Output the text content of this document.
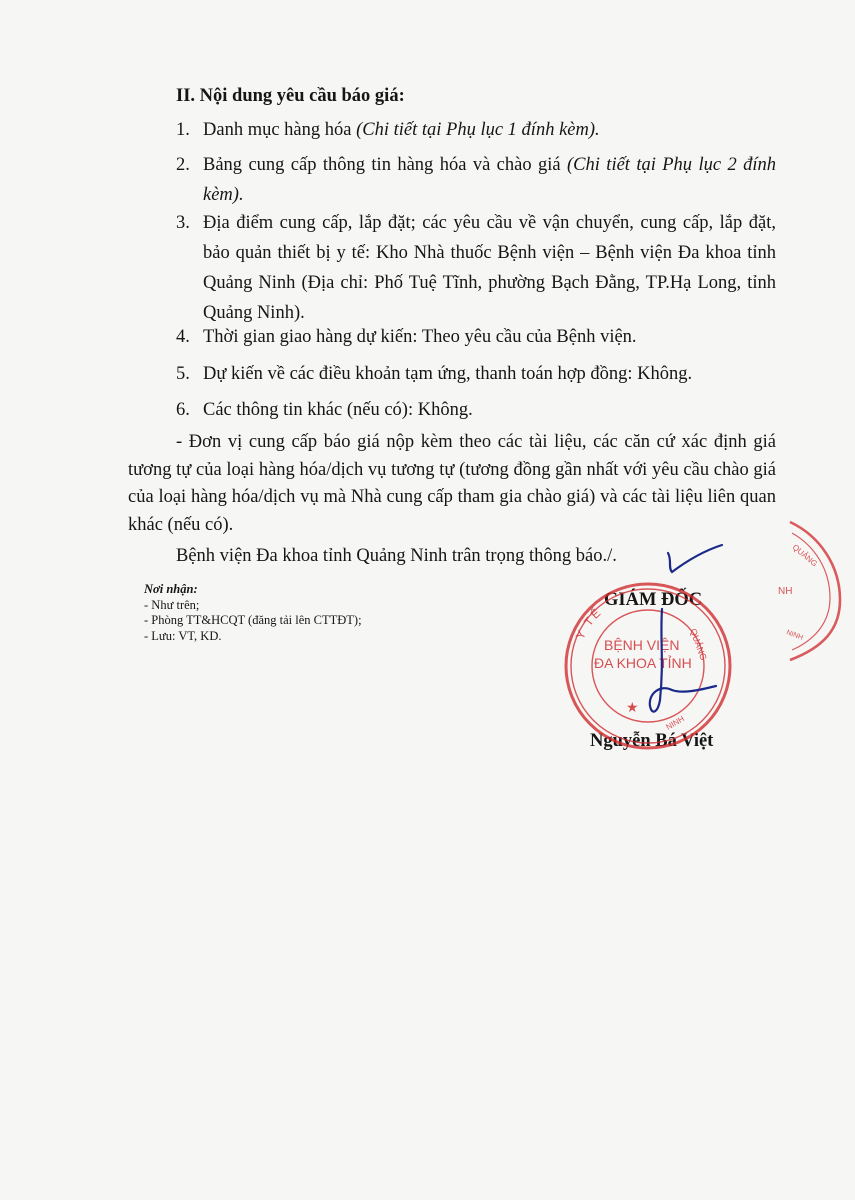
II. Nội dung yêu cầu báo giá:
1. Danh mục hàng hóa (Chi tiết tại Phụ lục 1 đính kèm).
2. Bảng cung cấp thông tin hàng hóa và chào giá (Chi tiết tại Phụ lục 2 đính kèm).
3. Địa điểm cung cấp, lắp đặt; các yêu cầu về vận chuyển, cung cấp, lắp đặt, bảo quản thiết bị y tế: Kho Nhà thuốc Bệnh viện – Bệnh viện Đa khoa tỉnh Quảng Ninh (Địa chỉ: Phố Tuệ Tĩnh, phường Bạch Đằng, TP.Hạ Long, tỉnh Quảng Ninh).
4. Thời gian giao hàng dự kiến: Theo yêu cầu của Bệnh viện.
5. Dự kiến về các điều khoản tạm ứng, thanh toán hợp đồng: Không.
6. Các thông tin khác (nếu có): Không.
- Đơn vị cung cấp báo giá nộp kèm theo các tài liệu, các căn cứ xác định giá tương tự của loại hàng hóa/dịch vụ tương tự (tương đồng gần nhất với yêu cầu chào giá của loại hàng hóa/dịch vụ mà Nhà cung cấp tham gia chào giá) và các tài liệu liên quan khác (nếu có).
Bệnh viện Đa khoa tỉnh Quảng Ninh trân trọng thông báo./.
Nơi nhận:
- Như trên;
- Phòng TT&HCQT (đăng tải lên CTTĐT);
- Lưu: VT, KD.
GIÁM ĐỐC
Nguyễn Bá Việt
Y TẾ
QUẢNG
NINH
BỆNH VIỆN
ĐA KHOA TỈNH
★
QUẢNG
NH
NINH
